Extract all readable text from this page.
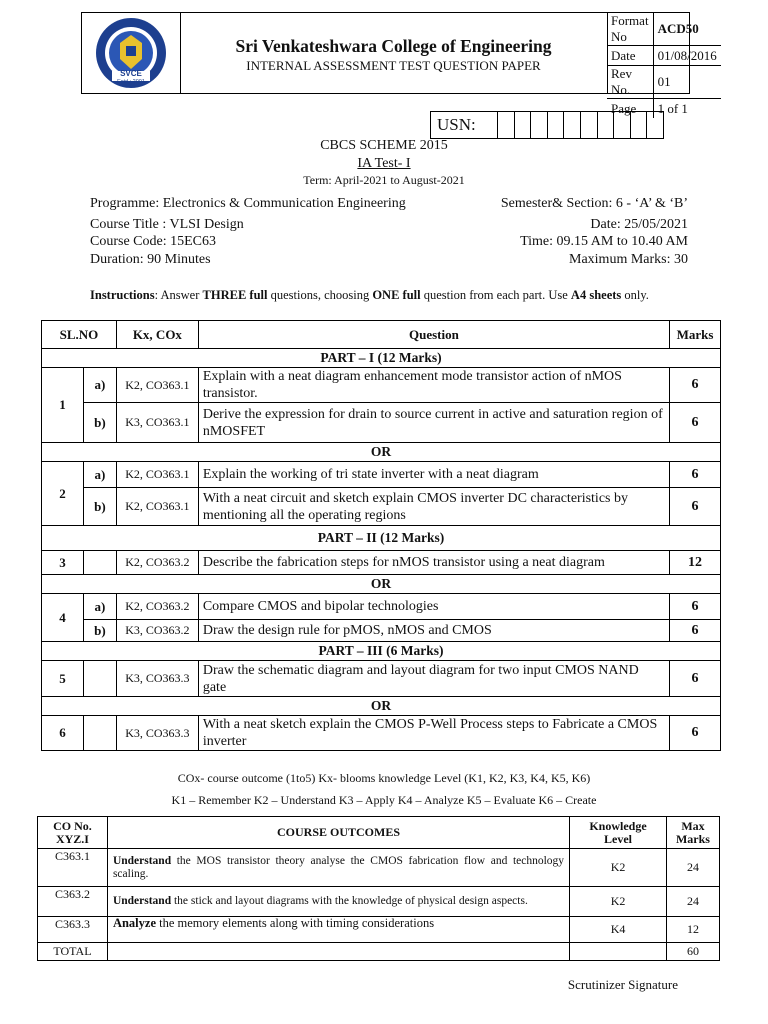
SVCE
Estd.: 2001
Sri Venkateshwara College of Engineering
INTERNAL ASSESSMENT TEST QUESTION PAPER
Format No	ACD50
Date	01/08/2016
Rev No.	01
Page	1 of 1
USN:
CBCS SCHEME 2015
IA Test- I
Term: April-2021 to August-2021
Programme: Electronics & Communication Engineering	Semester& Section: 6 - ‘A’ & ‘B’
Course Title : VLSI Design	Date: 25/05/2021
Course Code: 15EC63	Time: 09.15 AM to 10.40 AM
Duration: 90 Minutes	Maximum Marks: 30
Instructions: Answer THREE full questions, choosing ONE full question from each part. Use A4 sheets only.
SL.NO		Kx, COx	Question	Marks
PART – I (12 Marks)				
1	a)	K2, CO363.1	Explain with a neat diagram enhancement mode transistor action of nMOS transistor.	6
	b)	K3, CO363.1	Derive the expression for drain to source current in active and saturation region of nMOSFET	6
OR				
2	a)	K2, CO363.1	Explain the working of tri state inverter with a neat diagram	6
	b)	K2, CO363.1	With a neat circuit and sketch explain CMOS inverter DC characteristics by mentioning all the operating regions	6
PART – II (12 Marks)				
3		K2, CO363.2	Describe the fabrication steps for nMOS transistor using a neat diagram	12
OR				
4	a)	K2, CO363.2	Compare CMOS and bipolar technologies	6
	b)	K3, CO363.2	Draw the design rule for pMOS, nMOS and CMOS	6
PART – III (6 Marks)				
5		K3, CO363.3	Draw the schematic diagram and layout diagram for two input CMOS NAND gate	6
OR				
6		K3, CO363.3	With a neat sketch explain the CMOS P-Well Process steps to Fabricate a CMOS inverter	6
COx- course outcome (1to5) Kx- blooms knowledge Level (K1, K2, K3, K4, K5, K6)
K1 – Remember K2 – Understand K3 – Apply K4 – Analyze K5 – Evaluate K6 – Create
CO No.
XYZ.I	COURSE OUTCOMES	Knowledge Level	Max Marks
C363.1	Understand the MOS transistor theory analyse the CMOS fabrication flow and technology scaling.	K2	24
C363.2	Understand the stick and layout diagrams with the knowledge of physical design aspects.	K2	24
C363.3	Analyze the memory elements along with timing considerations	K4	12
TOTAL			60
Scrutinizer Signature
